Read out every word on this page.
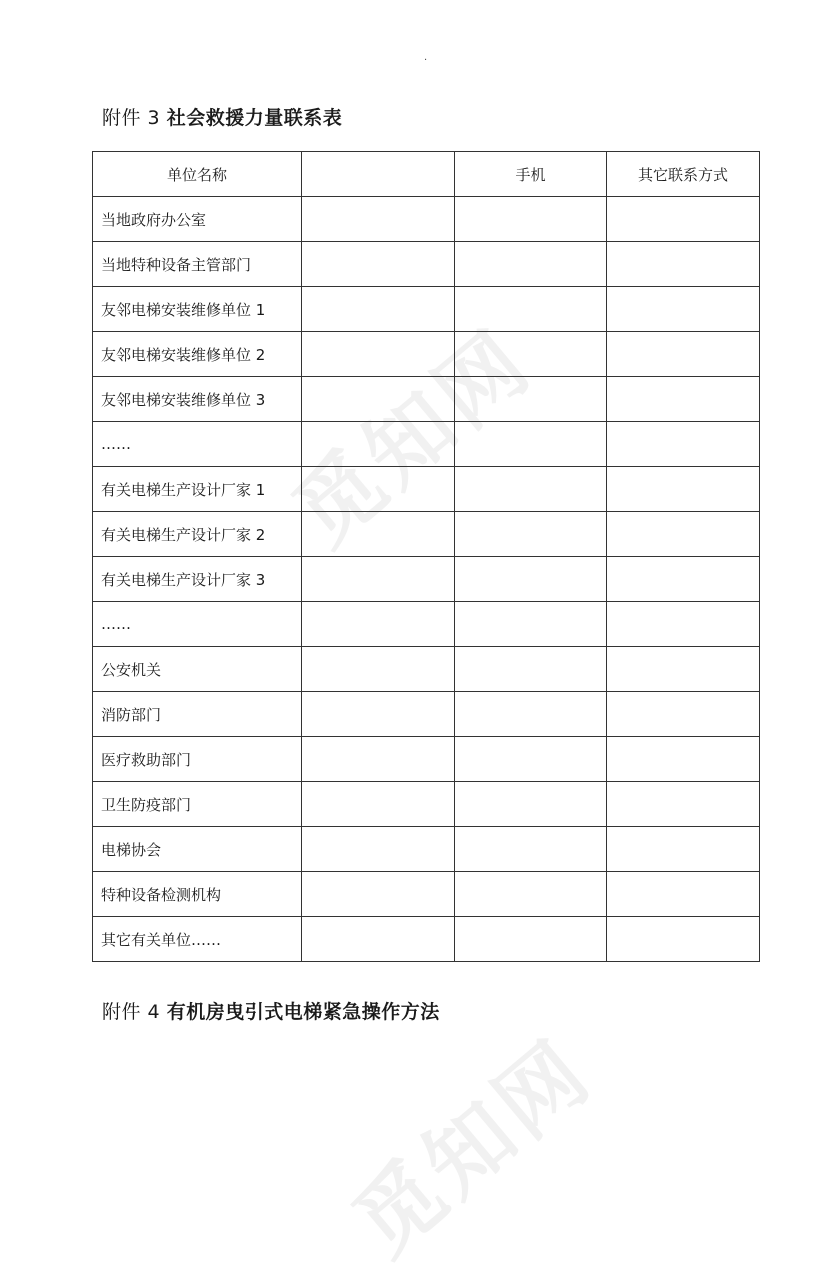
.
觅知网
觅知网
附件 3 社会救援力量联系表
单位名称		手机	其它联系方式
当地政府办公室			
当地特种设备主管部门			
友邻电梯安装维修单位 1			
友邻电梯安装维修单位 2			
友邻电梯安装维修单位 3			
……			
有关电梯生产设计厂家 1			
有关电梯生产设计厂家 2			
有关电梯生产设计厂家 3			
……			
公安机关			
消防部门			
医疗救助部门			
卫生防疫部门			
电梯协会			
特种设备检测机构			
其它有关单位……			
附件 4 有机房曳引式电梯紧急操作方法
